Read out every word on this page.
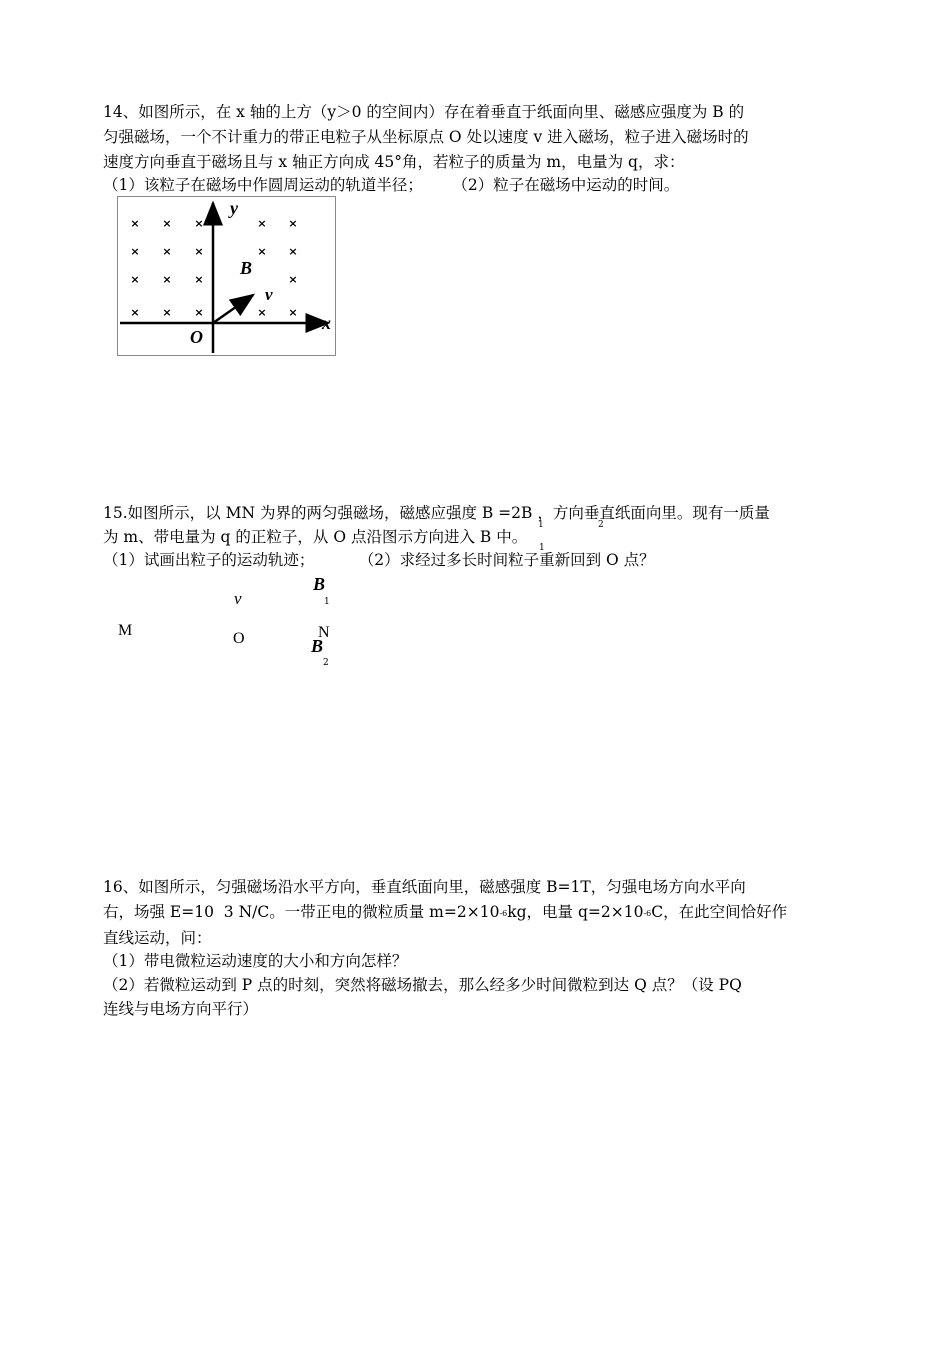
14、如图所示，在 x 轴的上方（y＞0 的空间内）存在着垂直于纸面向里、磁感应强度为 B 的
匀强磁场，一个不计重力的带正电粒子从坐标原点 O 处以速度 v 进入磁场，粒子进入磁场时的
速度方向垂直于磁场且与 x 轴正方向成 45°角，若粒子的质量为 m，电量为 q，求：
（1）该粒子在磁场中作圆周运动的轨道半径；      （2）粒子在磁场中运动的时间。
× × ×	× ×
× × ×	× ×
× × ×	×
× × ×	× ×
y
x
O
B
v
15.如图所示，以 MN 为界的两匀强磁场，磁感应强度 B =2B ，方向垂直纸面向里。现有一质量
1	2
为 m、带电量为 q 的正粒子，从 O 点沿图示方向进入 B 中。
1
（1）试画出粒子的运动轨迹；         （2）求经过多长时间粒子重新回到 O 点？
v
B
1
M	O	N
B
2
16、如图所示，匀强磁场沿水平方向，垂直纸面向里，磁感强度 B=1T，匀强电场方向水平向
右，场强 E=10  3 N/C。一带正电的微粒质量 m=2×10-6kg，电量 q=2×10-6C，在此空间恰好作
直线运动，问：
（1）带电微粒运动速度的大小和方向怎样？
（2）若微粒运动到 P 点的时刻，突然将磁场撤去，那么经多少时间微粒到达 Q 点？（设 PQ
连线与电场方向平行）
